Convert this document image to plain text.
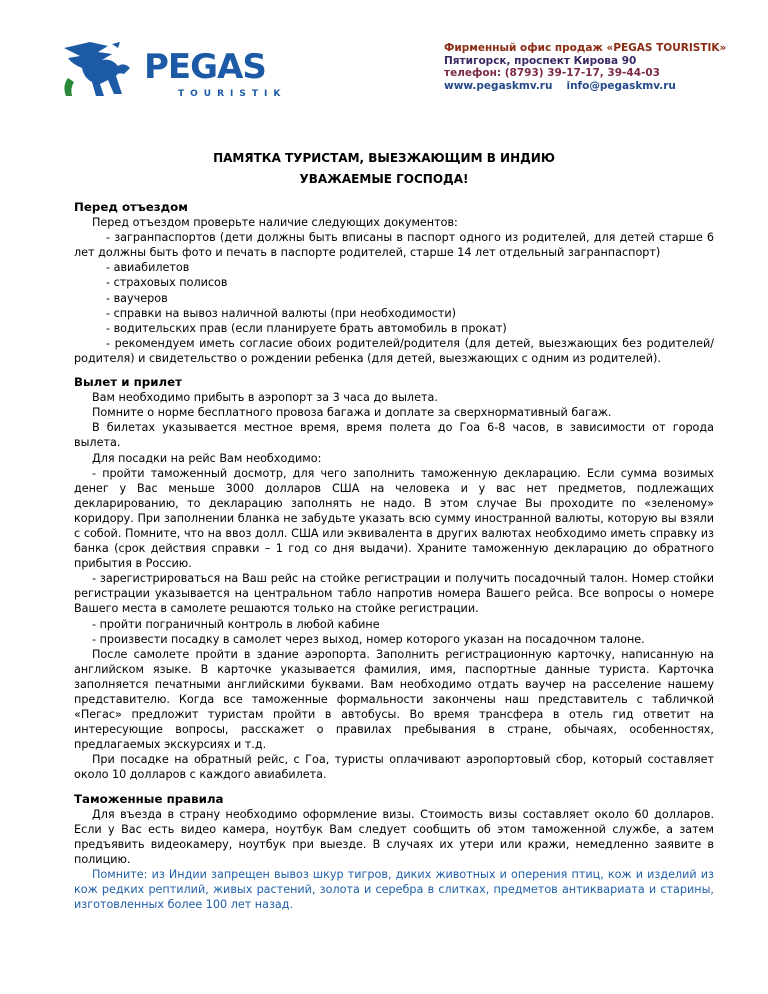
PEGAS
TOURISTIK
Фирменный офис продаж «PEGAS TOURISTIK»
Пятигорск, проспект Кирова 90
телефон: (8793) 39-17-17, 39-44-03
www.pegaskmv.ru info@pegaskmv.ru
ПАМЯТКА ТУРИСТАМ, ВЫЕЗЖАЮЩИМ В ИНДИЮ
УВАЖАЕМЫЕ ГОСПОДА!
Перед отъездом

Перед отъездом проверьте наличие следующих документов:

- загранпаспортов (дети должны быть вписаны в паспорт одного из родителей, для детей старше 6 лет должны быть фото и печать в паспорте родителей, старше 14 лет отдельный загранпаспорт)

- авиабилетов

- страховых полисов

- ваучеров

- справки на вывоз наличной валюты (при необходимости)

- водительских прав (если планируете брать автомобиль в прокат)

- рекомендуем иметь согласие обоих родителей/родителя (для детей, выезжающих без родителей/родителя) и свидетельство о рождении ребенка (для детей, выезжающих с одним из родителей).

Вылет и прилет

Вам необходимо прибыть в аэропорт за 3 часа до вылета.

Помните о норме бесплатного провоза багажа и доплате за сверхнормативный багаж.

В билетах указывается местное время, время полета до Гоа 6-8 часов, в зависимости от города вылета.

Для посадки на рейс Вам необходимо:

- пройти таможенный досмотр, для чего заполнить таможенную декларацию. Если сумма возимых денег у Вас меньше 3000 долларов США на человека и у вас нет предметов, подлежащих декларированию, то декларацию заполнять не надо. В этом случае Вы проходите по «зеленому» коридору. При заполнении бланка не забудьте указать всю сумму иностранной валюты, которую вы взяли с собой. Помните, что на ввоз долл. США или эквивалента в других валютах необходимо иметь справку из банка (срок действия справки – 1 год со дня выдачи). Храните таможенную декларацию до обратного прибытия в Россию.

- зарегистрироваться на Ваш рейс на стойке регистрации и получить посадочный талон. Номер стойки регистрации указывается на центральном табло напротив номера Вашего рейса. Все вопросы о номере Вашего места в самолете решаются только на стойке регистрации.

- пройти пограничный контроль в любой кабине

- произвести посадку в самолет через выход, номер которого указан на посадочном талоне.

После самолете пройти в здание аэропорта. Заполнить регистрационную карточку, написанную на английском языке. В карточке указывается фамилия, имя, паспортные данные туриста. Карточка заполняется печатными английскими буквами. Вам необходимо отдать ваучер на расселение нашему представителю. Когда все таможенные формальности закончены наш представитель с табличкой «Пегас» предложит туристам пройти в автобусы. Во время трансфера в отель гид ответит на интересующие вопросы, расскажет о правилах пребывания в стране, обычаях, особенностях, предлагаемых экскурсиях и т.д.

При посадке на обратный рейс, с Гоа, туристы оплачивают аэропортовый сбор, который составляет около 10 долларов с каждого авиабилета.

Таможенные правила

Для въезда в страну необходимо оформление визы. Стоимость визы составляет около 60 долларов. Если у Вас есть видео камера, ноутбук Вам следует сообщить об этом таможенной службе, а затем предъявить видеокамеру, ноутбук при выезде. В случаях их утери или кражи, немедленно заявите в полицию.

Помните: из Индии запрещен вывоз шкур тигров, диких животных и оперения птиц, кож и изделий из кож редких рептилий, живых растений, золота и серебра в слитках, предметов антиквариата и старины, изготовленных более 100 лет назад.
